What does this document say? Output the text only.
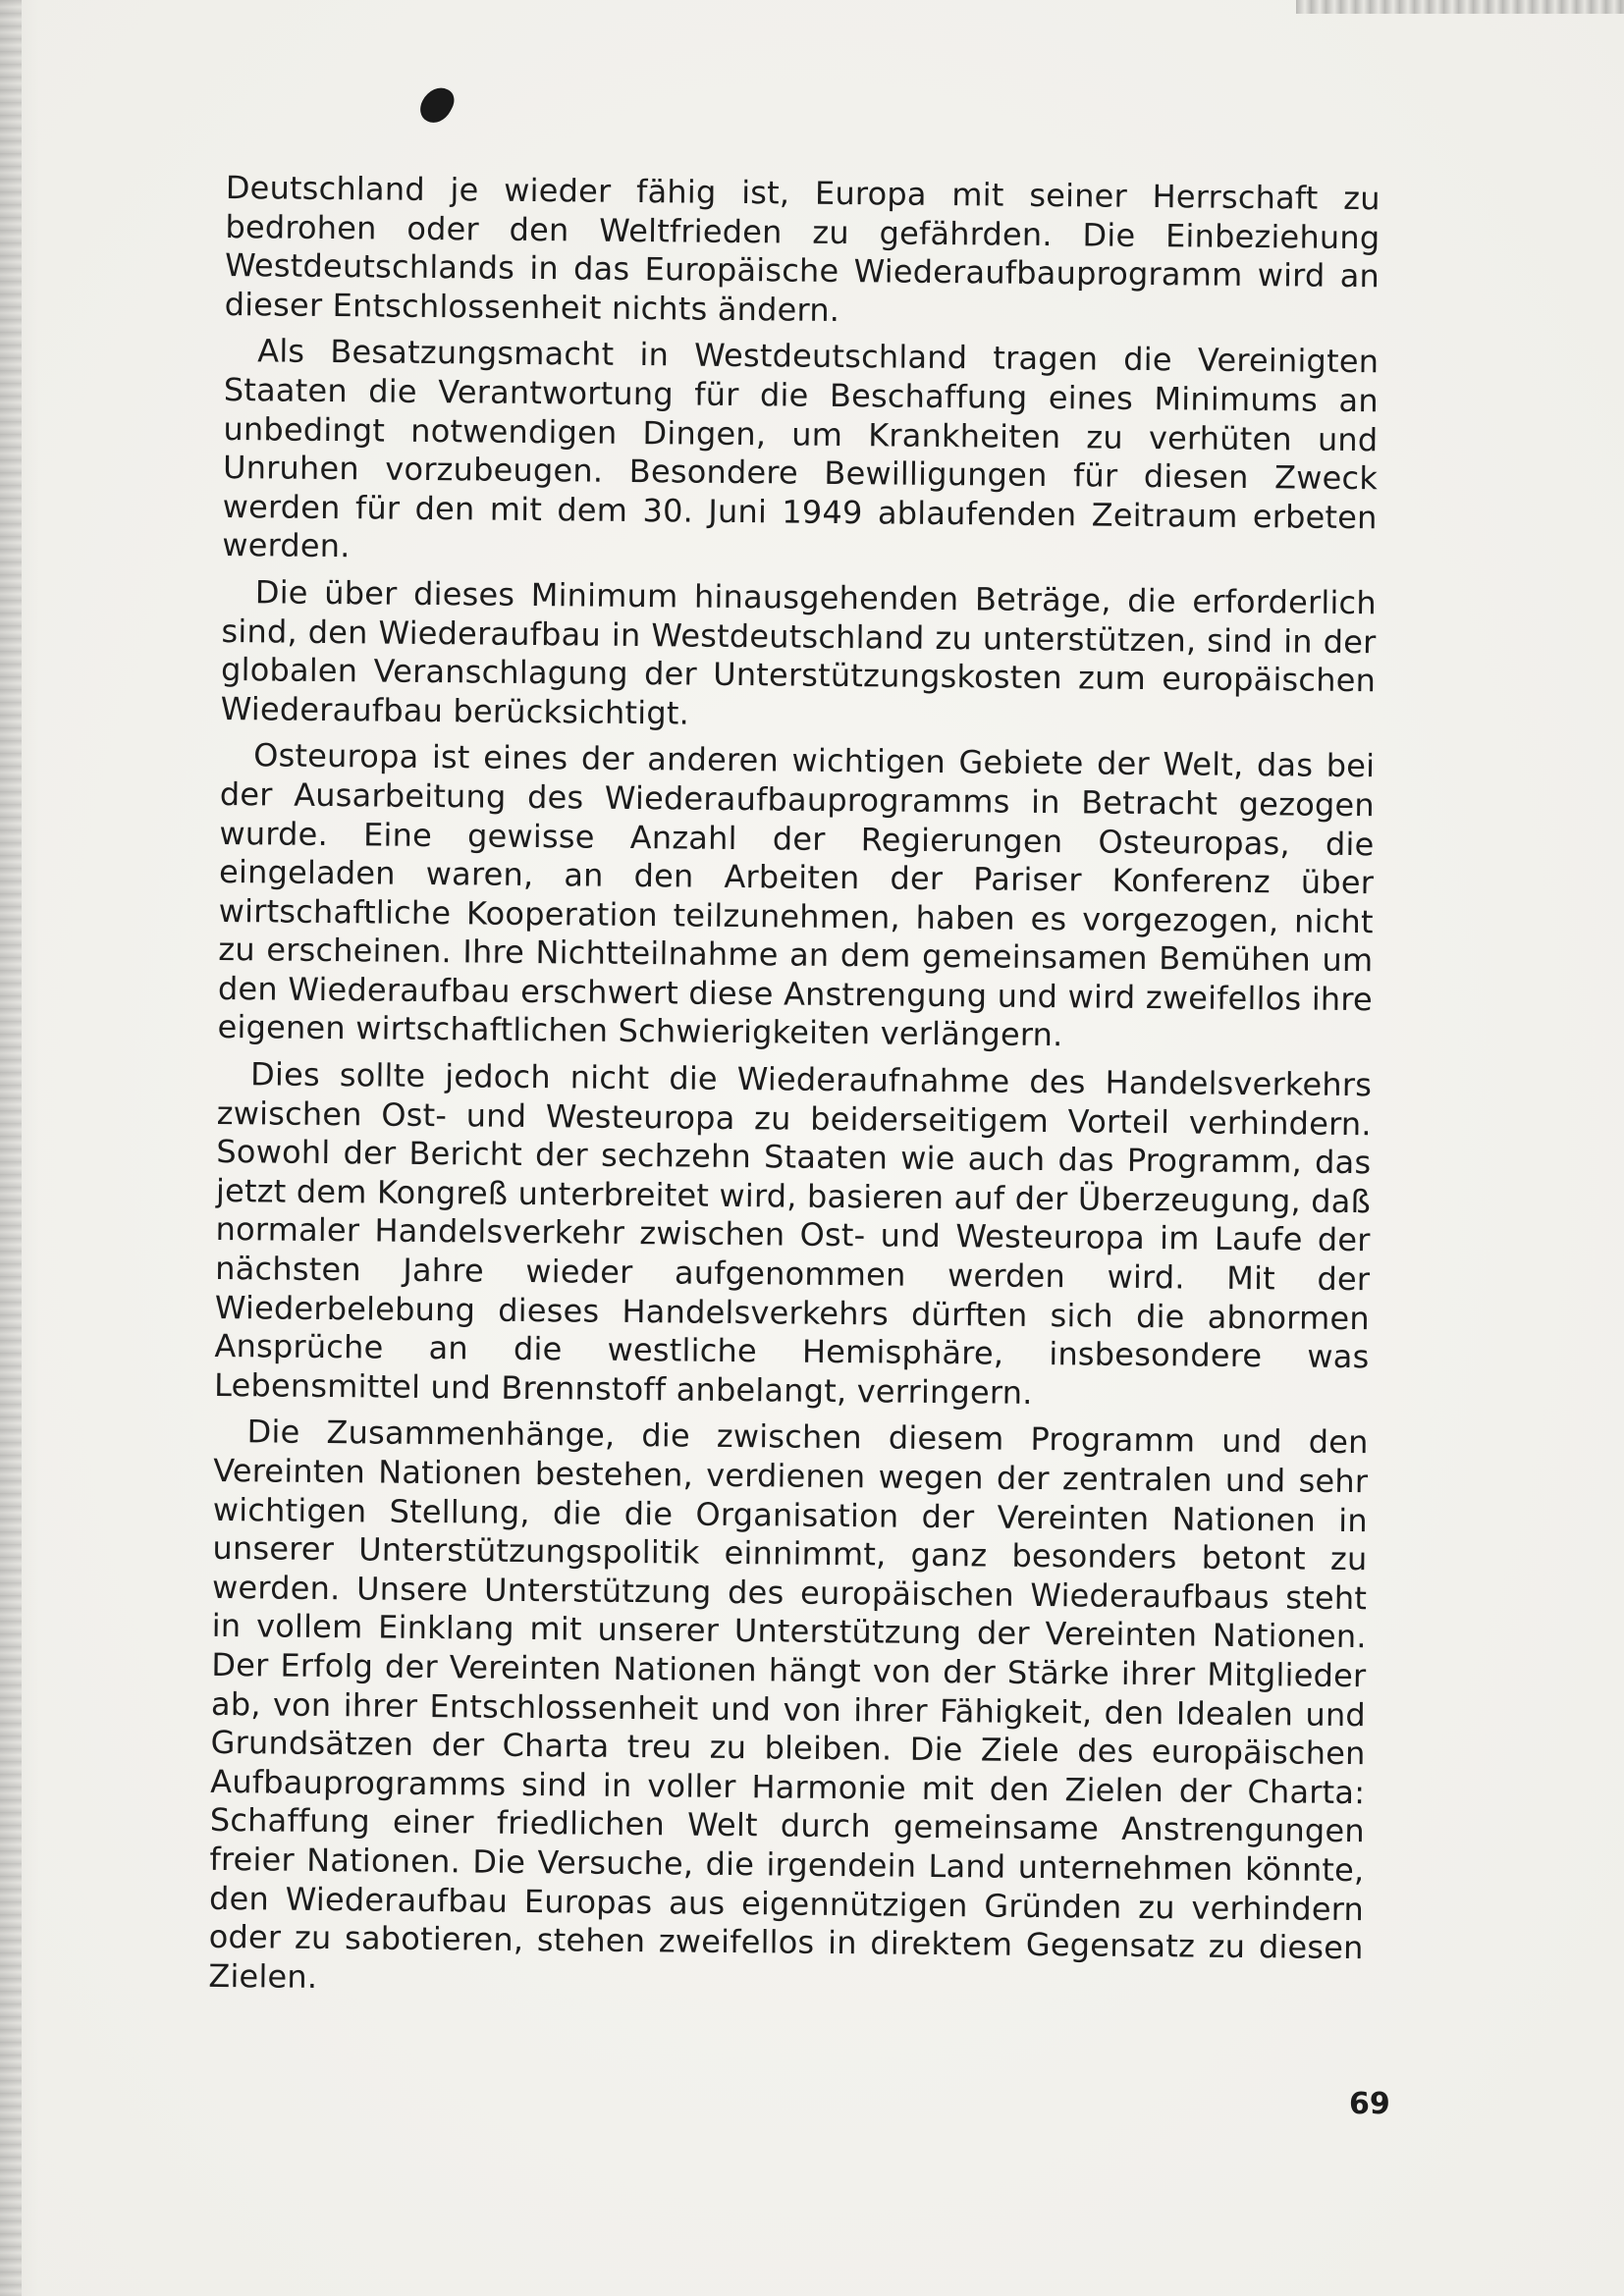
Deutschland je wieder fähig ist, Europa mit seiner Herrschaft zu bedrohen oder den Weltfrieden zu gefährden. Die Einbeziehung Westdeutschlands in das Europäische Wiederaufbauprogramm wird an dieser Entschlossenheit nichts ändern.

Als Besatzungsmacht in Westdeutschland tragen die Vereinigten Staaten die Verantwortung für die Beschaffung eines Minimums an unbedingt notwendigen Dingen, um Krankheiten zu verhüten und Unruhen vorzubeugen. Besondere Bewilligungen für diesen Zweck werden für den mit dem 30. Juni 1949 ablaufenden Zeitraum erbeten werden.

Die über dieses Minimum hinausgehenden Beträge, die erforderlich sind, den Wiederaufbau in Westdeutschland zu unterstützen, sind in der globalen Veranschlagung der Unterstützungskosten zum europäischen Wiederaufbau berücksichtigt.

Osteuropa ist eines der anderen wichtigen Gebiete der Welt, das bei der Ausarbeitung des Wiederaufbauprogramms in Betracht gezogen wurde. Eine gewisse Anzahl der Regierungen Osteuropas, die eingeladen waren, an den Arbeiten der Pariser Konferenz über wirtschaftliche Kooperation teilzunehmen, haben es vorgezogen, nicht zu erscheinen. Ihre Nichtteilnahme an dem gemeinsamen Bemühen um den Wiederaufbau erschwert diese Anstrengung und wird zweifellos ihre eigenen wirtschaftlichen Schwierigkeiten verlängern.

Dies sollte jedoch nicht die Wiederaufnahme des Handelsverkehrs zwischen Ost- und Westeuropa zu beiderseitigem Vorteil verhindern. Sowohl der Bericht der sechzehn Staaten wie auch das Programm, das jetzt dem Kongreß unterbreitet wird, basieren auf der Überzeugung, daß normaler Handelsverkehr zwischen Ost- und Westeuropa im Laufe der nächsten Jahre wieder aufgenommen werden wird. Mit der Wiederbelebung dieses Handelsverkehrs dürften sich die abnormen Ansprüche an die westliche Hemisphäre, insbesondere was Lebensmittel und Brennstoff anbelangt, verringern.

Die Zusammenhänge, die zwischen diesem Programm und den Vereinten Nationen bestehen, verdienen wegen der zentralen und sehr wichtigen Stellung, die die Organisation der Vereinten Nationen in unserer Unterstützungspolitik einnimmt, ganz besonders betont zu werden. Unsere Unterstützung des europäischen Wiederaufbaus steht in vollem Einklang mit unserer Unterstützung der Vereinten Nationen. Der Erfolg der Vereinten Nationen hängt von der Stärke ihrer Mitglieder ab, von ihrer Entschlossenheit und von ihrer Fähigkeit, den Idealen und Grundsätzen der Charta treu zu bleiben. Die Ziele des europäischen Aufbauprogramms sind in voller Harmonie mit den Zielen der Charta: Schaffung einer friedlichen Welt durch gemeinsame Anstrengungen freier Nationen. Die Versuche, die irgendein Land unternehmen könnte, den Wiederaufbau Europas aus eigennützigen Gründen zu verhindern oder zu sabotieren, stehen zweifellos in direktem Gegensatz zu diesen Zielen.

69
